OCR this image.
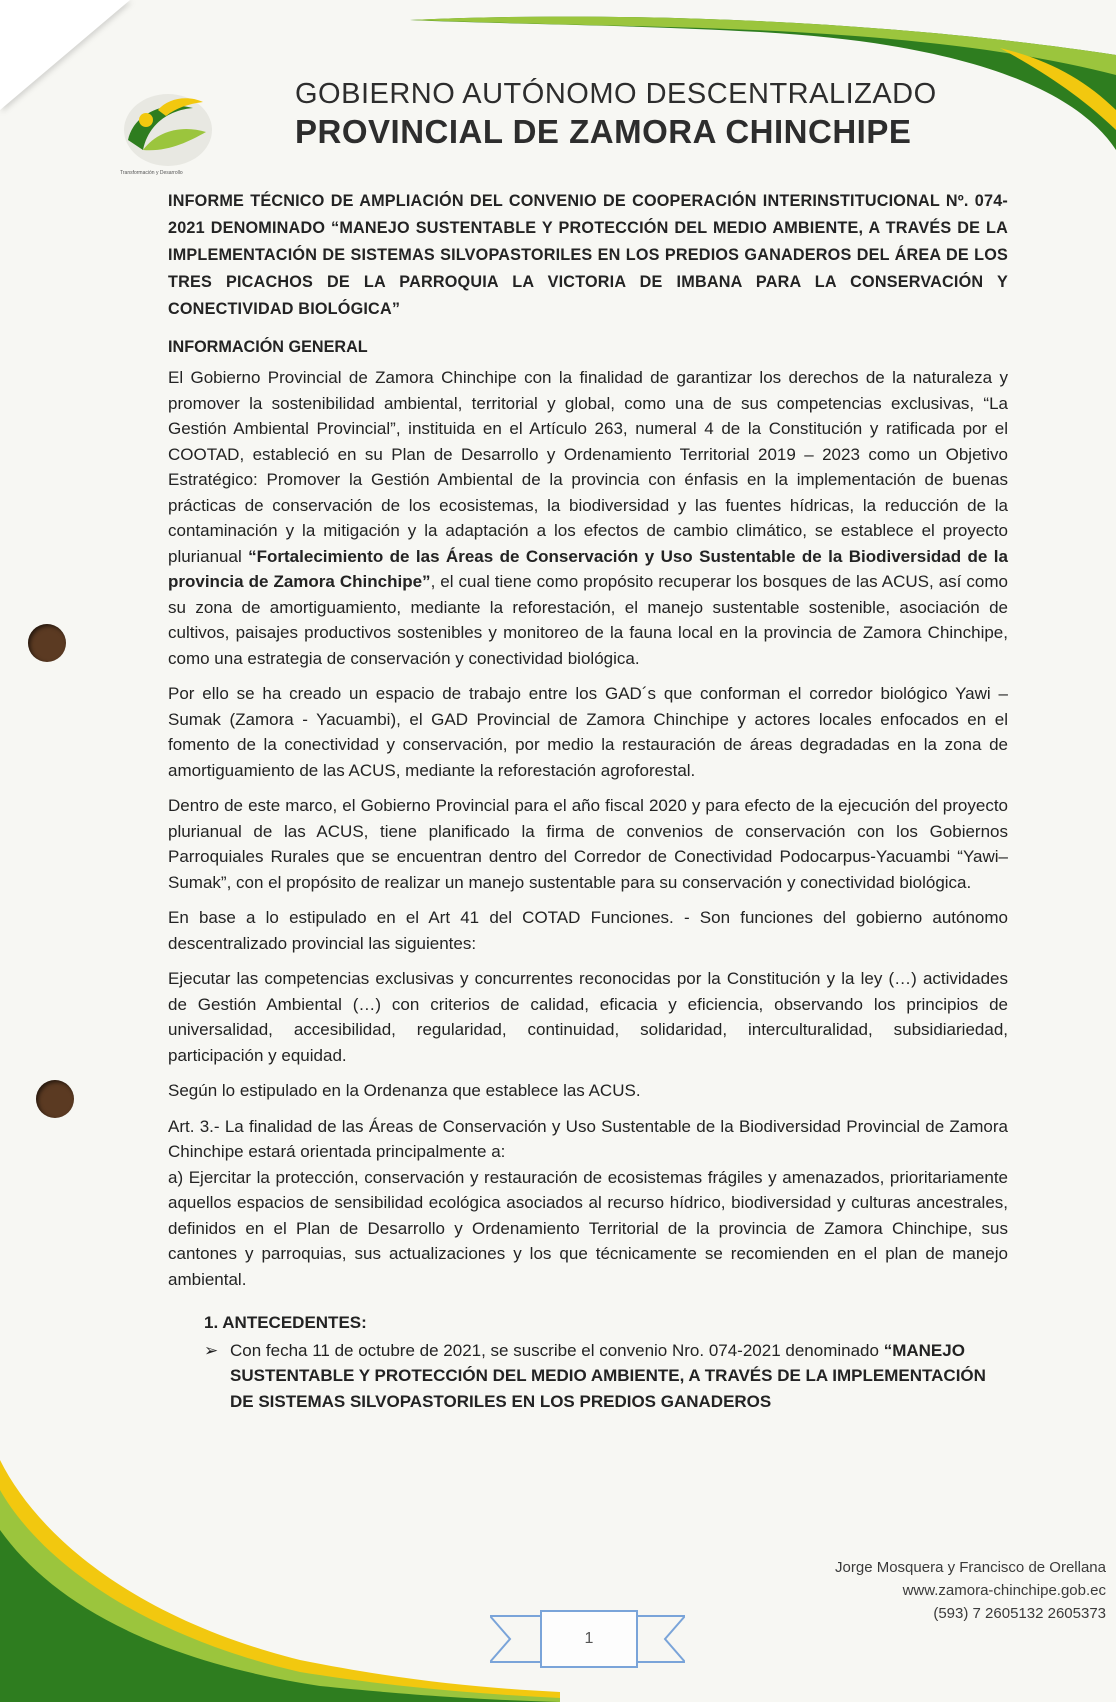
Transformación y Desarrollo
GOBIERNO AUTÓNOMO DESCENTRALIZADO
PROVINCIAL DE ZAMORA CHINCHIPE
INFORME TÉCNICO DE AMPLIACIÓN DEL CONVENIO DE COOPERACIÓN INTERINSTITUCIONAL Nº. 074-2021 DENOMINADO “MANEJO SUSTENTABLE Y PROTECCIÓN DEL MEDIO AMBIENTE, A TRAVÉS DE LA IMPLEMENTACIÓN DE SISTEMAS SILVOPASTORILES EN LOS PREDIOS GANADEROS DEL ÁREA DE LOS TRES PICACHOS DE LA PARROQUIA LA VICTORIA DE IMBANA PARA LA CONSERVACIÓN Y CONECTIVIDAD BIOLÓGICA”
INFORMACIÓN GENERAL

El Gobierno Provincial de Zamora Chinchipe con la finalidad de garantizar los derechos de la naturaleza y promover la sostenibilidad ambiental, territorial y global, como una de sus competencias exclusivas, “La Gestión Ambiental Provincial”, instituida en el Artículo 263, numeral 4 de la Constitución y ratificada por el COOTAD, estableció en su Plan de Desarrollo y Ordenamiento Territorial 2019 – 2023 como un Objetivo Estratégico: Promover la Gestión Ambiental de la provincia con énfasis en la implementación de buenas prácticas de conservación de los ecosistemas, la biodiversidad y las fuentes hídricas, la reducción de la contaminación y la mitigación y la adaptación a los efectos de cambio climático, se establece el proyecto plurianual “Fortalecimiento de las Áreas de Conservación y Uso Sustentable de la Biodiversidad de la provincia de Zamora Chinchipe”, el cual tiene como propósito recuperar los bosques de las ACUS, así como su zona de amortiguamiento, mediante la reforestación, el manejo sustentable sostenible, asociación de cultivos, paisajes productivos sostenibles y monitoreo de la fauna local en la provincia de Zamora Chinchipe, como una estrategia de conservación y conectividad biológica.

Por ello se ha creado un espacio de trabajo entre los GAD´s que conforman el corredor biológico Yawi – Sumak (Zamora - Yacuambi), el GAD Provincial de Zamora Chinchipe y actores locales enfocados en el fomento de la conectividad y conservación, por medio la restauración de áreas degradadas en la zona de amortiguamiento de las ACUS, mediante la reforestación agroforestal.

Dentro de este marco, el Gobierno Provincial para el año fiscal 2020 y para efecto de la ejecución del proyecto plurianual de las ACUS, tiene planificado la firma de convenios de conservación con los Gobiernos Parroquiales Rurales que se encuentran dentro del Corredor de Conectividad Podocarpus-Yacuambi “Yawi–Sumak”, con el propósito de realizar un manejo sustentable para su conservación y conectividad biológica.

En base a lo estipulado en el Art 41 del COTAD Funciones. - Son funciones del gobierno autónomo descentralizado provincial las siguientes:

Ejecutar las competencias exclusivas y concurrentes reconocidas por la Constitución y la ley (…) actividades de Gestión Ambiental (…) con criterios de calidad, eficacia y eficiencia, observando los principios de universalidad, accesibilidad, regularidad, continuidad, solidaridad, interculturalidad, subsidiariedad, participación y equidad.

Según lo estipulado en la Ordenanza que establece las ACUS.

Art. 3.- La finalidad de las Áreas de Conservación y Uso Sustentable de la Biodiversidad Provincial de Zamora Chinchipe estará orientada principalmente a:

a) Ejercitar la protección, conservación y restauración de ecosistemas frágiles y amenazados, prioritariamente aquellos espacios de sensibilidad ecológica asociados al recurso hídrico, biodiversidad y culturas ancestrales, definidos en el Plan de Desarrollo y Ordenamiento Territorial de la provincia de Zamora Chinchipe, sus cantones y parroquias, sus actualizaciones y los que técnicamente se recomienden en el plan de manejo ambiental.

1. ANTECEDENTES:
➢ Con fecha 11 de octubre de 2021, se suscribe el convenio Nro. 074-2021 denominado “MANEJO SUSTENTABLE Y PROTECCIÓN DEL MEDIO AMBIENTE, A TRAVÉS DE LA IMPLEMENTACIÓN DE SISTEMAS SILVOPASTORILES EN LOS PREDIOS GANADEROS
Jorge Mosquera y Francisco de Orellana
www.zamora-chinchipe.gob.ec
(593) 7 2605132 2605373
1
